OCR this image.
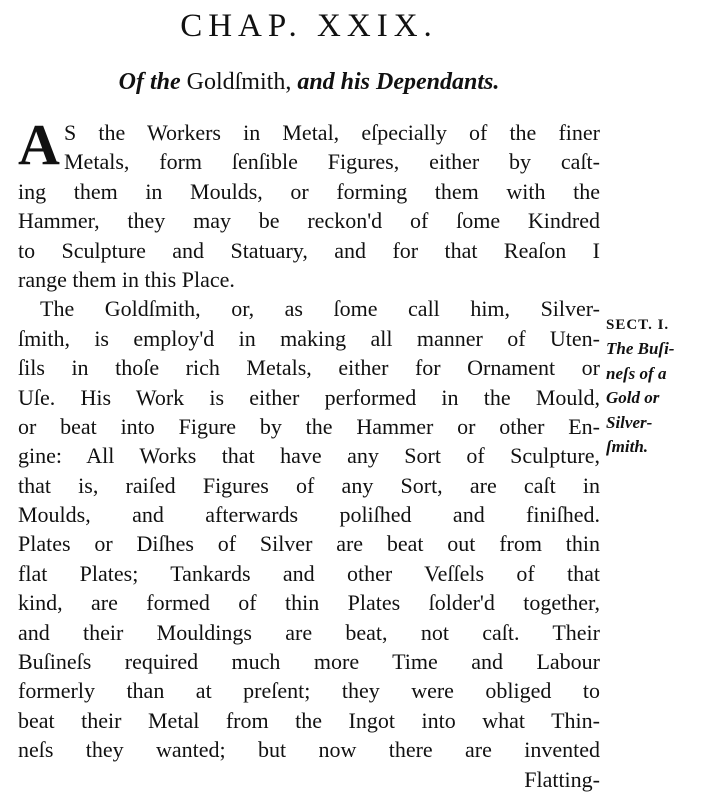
CHAP. XXIX.
Of the Goldſmith, and his Dependants.
A S the Workers in Metal, eſpecially of the finer
Metals, form ſenſible Figures, either by caſt-
ing them in Moulds, or forming them with the
Hammer, they may be reckon'd of ſome Kindred
to Sculpture and Statuary, and for that Reaſon I
range them in this Place.
The Goldſmith, or, as ſome call him, Silver-
ſmith, is employ'd in making all manner of Uten-
ſils in thoſe rich Metals, either for Ornament or
Uſe. His Work is either performed in the Mould,
or beat into Figure by the Hammer or other En-
gine: All Works that have any Sort of Sculpture,
that is, raiſed Figures of any Sort, are caſt in
Moulds, and afterwards poliſhed and finiſhed.
Plates or Diſhes of Silver are beat out from thin
flat Plates; Tankards and other Veſſels of that
kind, are formed of thin Plates ſolder'd together,
and their Mouldings are beat, not caſt. Their
Buſineſs required much more Time and Labour
formerly than at preſent; they were obliged to
beat their Metal from the Ingot into what Thin-
neſs they wanted; but now there are invented
Flatting-
SECT. I.
The Buſi-
neſs of a
Gold or
Silver-
ſmith.
